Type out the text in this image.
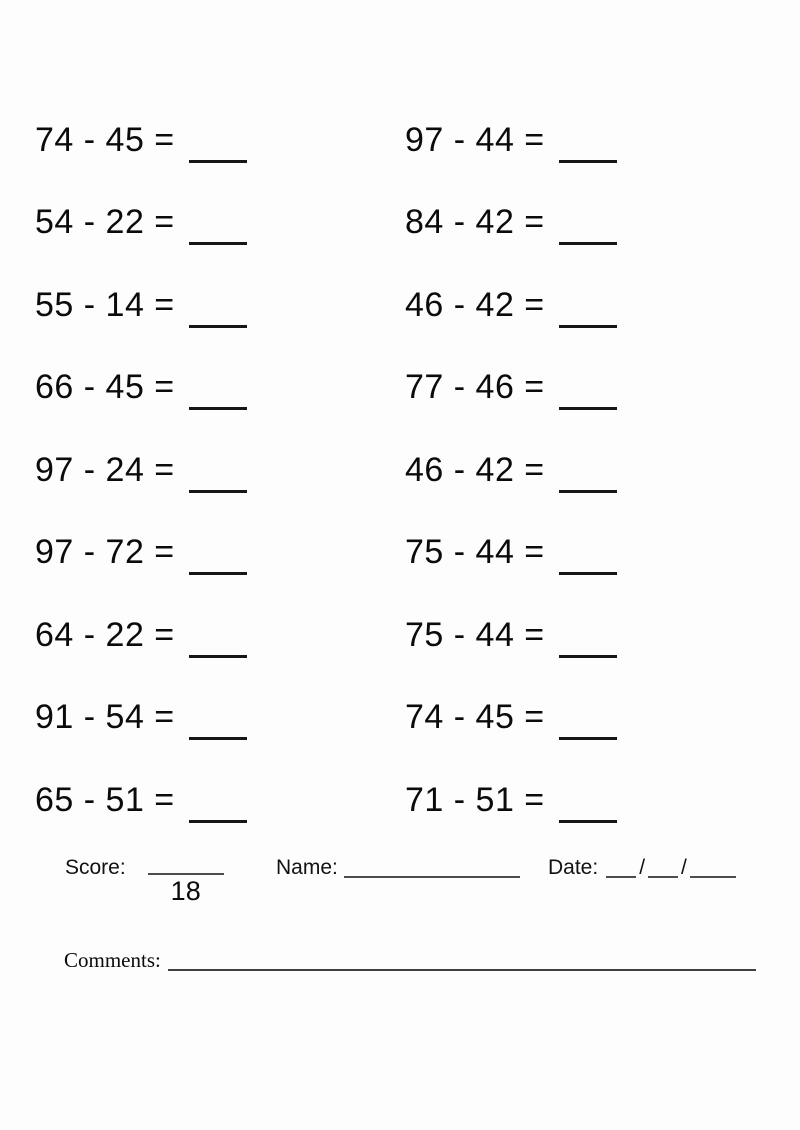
74 - 45 =	97 - 44 =
54 - 22 =	84 - 42 =
55 - 14 =	46 - 42 =
66 - 45 =	77 - 46 =
97 - 24 =	46 - 42 =
97 - 72 =	75 - 44 =
64 - 22 =	75 - 44 =
91 - 54 =	74 - 45 =
65 - 51 =	71 - 51 =
Score:
18
Name:	Date: / /
Comments:
